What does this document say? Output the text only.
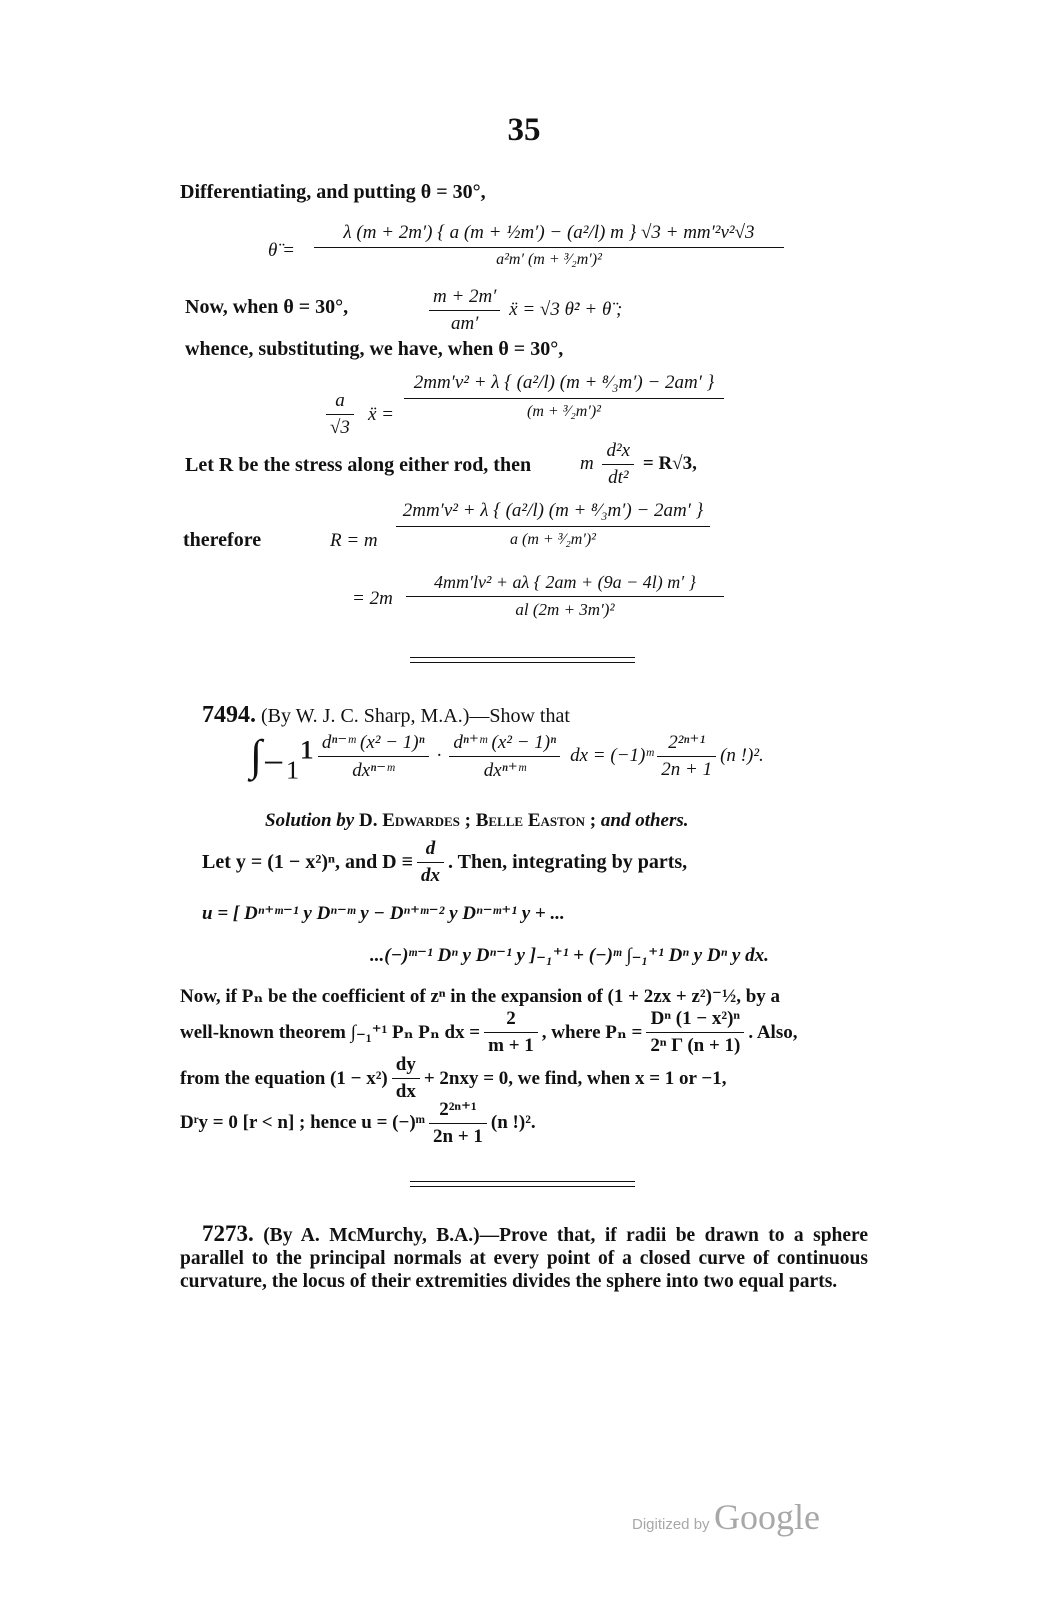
35
Differentiating, and putting θ = 30°,
θ̈ =
λ (m + 2m′) { a (m + ½m′) − (a²/l) m } √3 + mm′²v²√3
a²m′ (m + ³⁄₂m′)²
Now, when θ = 30°,	$\frac{m + 2m'}{am'}$ ẍ = √3 θ̇² + θ̈ ;
whence, substituting, we have, when θ = 30°,
a
√3
ẍ =
2mm′v² + λ { (a²/l) (m + ⁸⁄₃m′) − 2am′ }
(m + ³⁄₂m′)²
Let R be the stress along either rod, then	m $\frac{\text{d²x}}{\text{dt²}} = R√3$,
therefore	R = m
2mm′v² + λ { (a²/l) (m + ⁸⁄₃m′) − 2am′ }
a (m + ³⁄₂m′)²
= 2m
4mm′lv² + aλ { 2am + (9a − 4l) m′ }
al (2m + 3m′)²
7494. (By W. J. C. Sharp, M.A.)—Show that
$\int_{-1}^1 \frac{\text{dⁿ⁻ᵐ (x² − 1)ⁿ}}{\text{dxⁿ⁻ᵐ}} \cdot \frac{\text{dⁿ⁺ᵐ (x² − 1)ⁿ}}{\text{dxⁿ⁺ᵐ}}$ dx = (−1)ᵐ $\frac{\text{2²ⁿ⁺¹}}{2n + 1} (n$ !)².
Solution by D. Edwardes ; Belle Easton ; and others.
Let y = (1 − x²)ⁿ, and $D \equiv \frac{d}{dx}$ . Then, integrating by parts,
u = [ Dⁿ⁺ᵐ⁻¹ y Dⁿ⁻ᵐ y − Dⁿ⁺ᵐ⁻² y Dⁿ⁻ᵐ⁺¹ y + ...
...(−)ᵐ⁻¹ Dⁿ y Dⁿ⁻¹ y ]₋₁⁺¹ + (−)ᵐ ∫₋₁⁺¹ Dⁿ y Dⁿ y dx.
Now, if Pₙ be the coefficient of zⁿ in the expansion of (1 + 2zx + z²)⁻½, by a
well-known theorem ∫₋₁⁺¹ Pₙ Pₙ dx = $\frac{2}{m + 1}$ , where $P_n = \frac{\text{Dⁿ (1 − x²)ⁿ}}{\text{2ⁿ Γ (n + 1)}}$ . Also,
from the equation $(1 - x^2) \frac{dy}{dx} + 2nxy = 0$, we find, when x = 1 or −1,
Dʳy = 0 [r < n] ; hence u = (−)ᵐ $\frac{\text{2²ⁿ⁺¹}}{2n + 1} (n$ !)².
7273. (By A. McMurchy, B.A.)—Prove that, if radii be drawn to a sphere parallel to the principal normals at every point of a closed curve of continuous curvature, the locus of their extremities divides the sphere into two equal parts.
Digitized by Google
